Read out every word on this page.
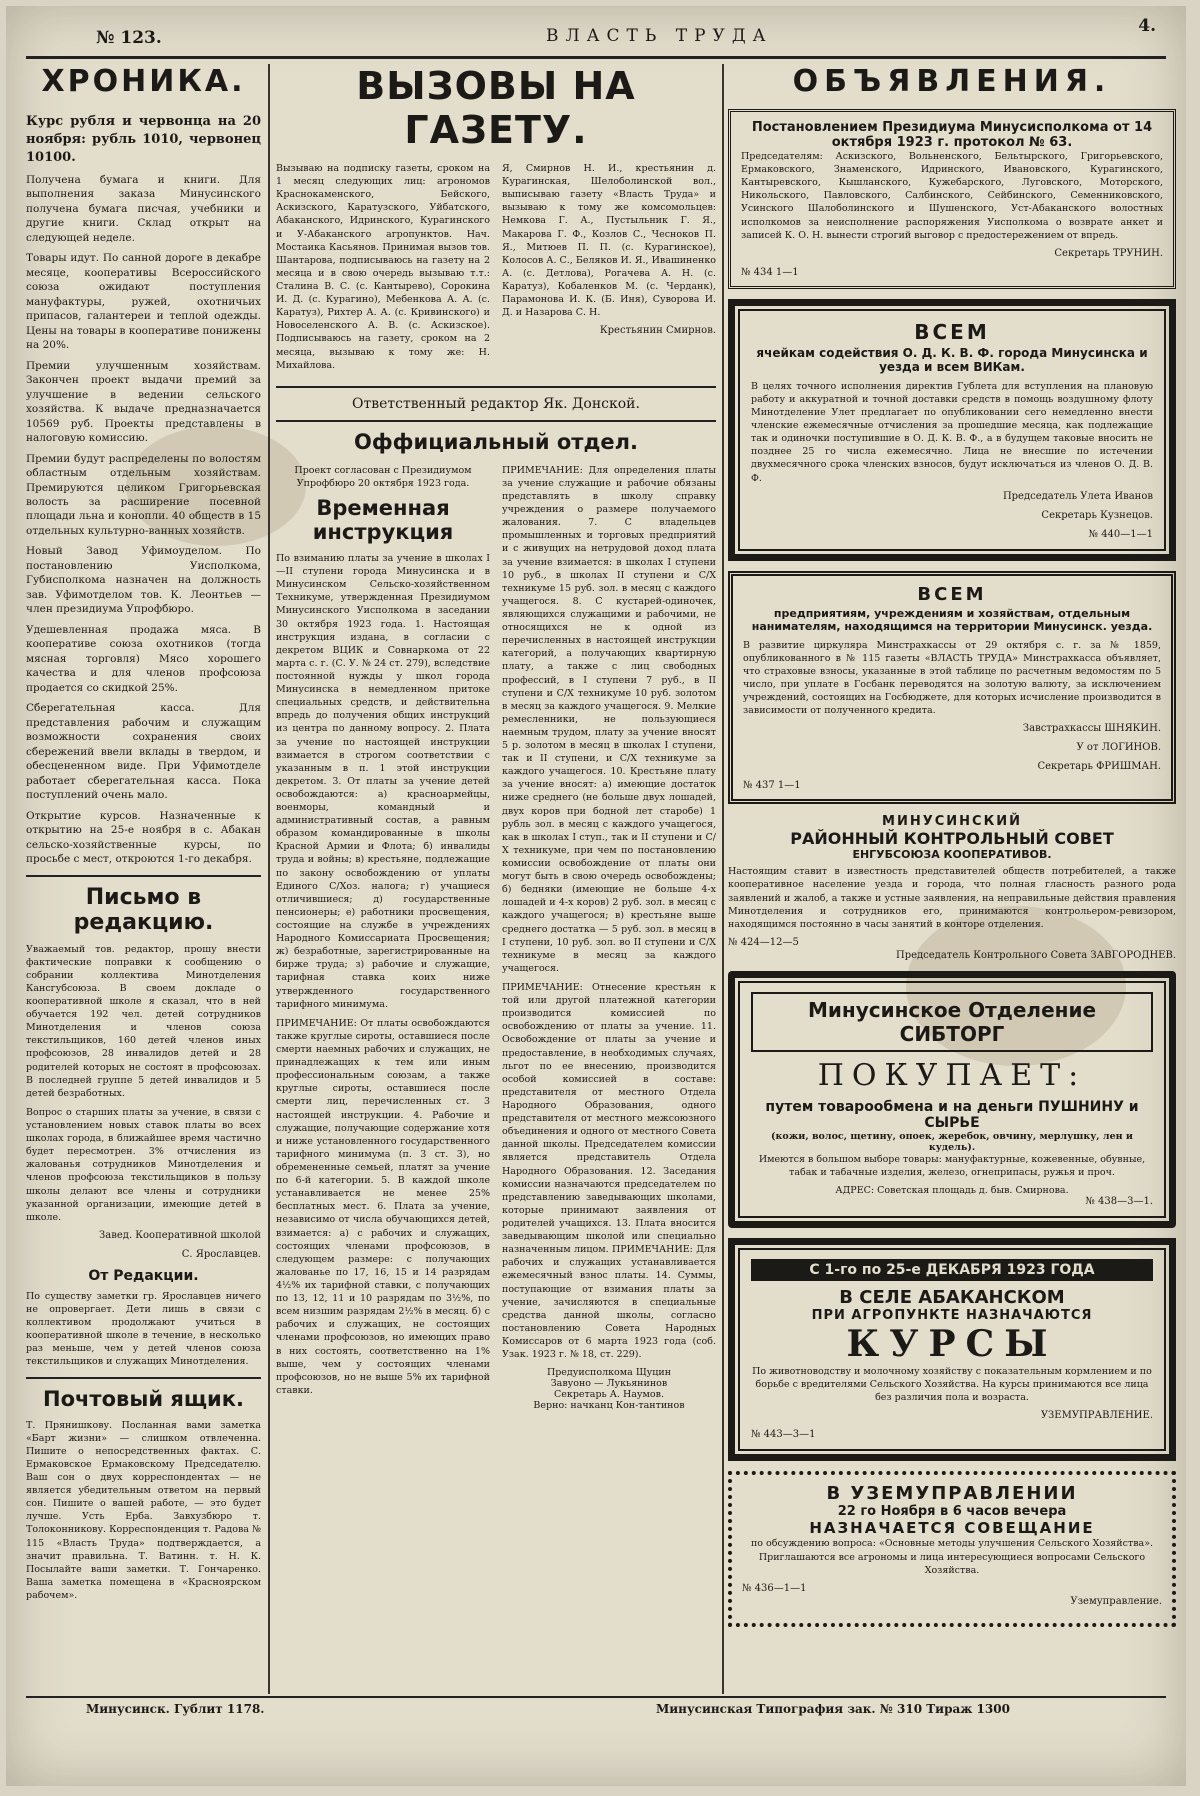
№ 123.	ВЛАСТЬ ТРУДА	4.
ХРОНИКА.

Курс рубля и червонца на 20 ноября: рубль 1010, червонец 10100.

Получена бумага и книги. Для выполнения заказа Минусинского получена бумага писчая, учебники и другие книги. Склад открыт на следующей неделе.

Товары идут. По санной дороге в декабре месяце, кооперативы Всероссийского союза ожидают поступления мануфактуры, ружей, охотничьих припасов, галантереи и теплой одежды. Цены на товары в кооперативе понижены на 20%.

Премии улучшенным хозяйствам. Закончен проект выдачи премий за улучшение в ведении сельского хозяйства. К выдаче предназначается 10569 руб. Проекты представлены в налоговую комиссию.

Премии будут распределены по волостям областным отдельным хозяйствам. Премируются целиком Григорьевская волость за расширение посевной площади льна и конопли. 40 обществ в 15 отдельных культурно-ванных хозяйств.

Новый Завод Уфимоуделом. По постановлению Уисполкома, Губисполкома назначен на должность зав. Уфимотделом тов. К. Леонтьев — член президиума Упрофбюро.

Удешевленная продажа мяса. В кооперативе союза охотников (тогда мясная торговля) Мясо хорошего качества и для членов профсоюза продается со скидкой 25%.

Сберегательная касса. Для представления рабочим и служащим возможности сохранения своих сбережений ввели вклады в твердом, и обесцененном виде. При Уфимотделе работает сберегательная касса. Пока поступлений очень мало.

Открытие курсов. Назначенные к открытию на 25-е ноября в с. Абакан сельско-хозяйственные курсы, по просьбе с мест, откроются 1-го декабря.

Письмо в редакцию.

Уважаемый тов. редактор, прошу внести фактические поправки к сообщению о собрании коллектива Минотделения Кансгубсоюза. В своем докладе о кооперативной школе я сказал, что в ней обучается 192 чел. детей сотрудников Минотделения и членов союза текстильщиков, 160 детей членов иных профсоюзов, 28 инвалидов детей и 28 родителей которых не состоят в профсоюзах. В последней группе 5 детей инвалидов и 5 детей безработных.

Вопрос о старших платы за учение, в связи с установлением новых ставок платы во всех школах города, в ближайшее время частично будет пересмотрен. 3% отчисления из жалованья сотрудников Минотделения и членов профсоюза текстильщиков в пользу школы делают все члены и сотрудники указанной организации, имеющие детей в школе.

Завед. Кооперативной школой
С. Ярославцев.
От Редакции.

По существу заметки гр. Ярославцев ничего не опровергает. Дети лишь в связи с коллективом продолжают учиться в кооперативной школе в течение, в несколько раз меньше, чем у детей членов союза текстильщиков и служащих Минотделения.

Почтовый ящик.

Т. Прянишкову. Посланная вами заметка «Барт жизни» — слишком отвлеченна. Пишите о непосредственных фактах. С. Ермаковское Ермаковскому Председателю. Ваш сон о двух корреспондентах — не является убедительным ответом на первый сон. Пишите о вашей работе, — это будет лучше. Усть Ерба. Завхузбюро т. Толоконникову. Корреспонденция т. Радова № 115 «Власть Труда» подтверждается, а значит правильна. Т. Ватинн. т. Н. К. Посылайте ваши заметки. Т. Гончаренко. Ваша заметка помещена в «Красноярском рабочем».

ВЫЗОВЫ НА ГАЗЕТУ.

Вызываю на подписку газеты, сроком на 1 месяц следующих лиц: агрономов Краснокаменского, Бейского, Аскизского, Каратузского, Уйбатского, Абаканского, Идринского, Курагинского и У-Абаканского агропунктов. Нач. Мостаика Касьянов. Принимая вызов тов. Шантарова, подписываюсь на газету на 2 месяца и в свою очередь вызываю т.т.: Сталина В. С. (с. Кантырево), Сорокина И. Д. (с. Курагино), Мебенкова А. А. (с. Каратуз), Рихтер А. А. (с. Кривинского) и Новоселенского А. В. (с. Аскизское). Подписываюсь на газету, сроком на 2 месяца, вызываю к тому же: Н. Михайлова.

Я, Смирнов Н. И., крестьянин д. Курагинская, Шелоболинской вол., выписываю газету «Власть Труда» и вызываю к тому же комсомольцев: Немкова Г. А., Пустыльник Г. Я., Макарова Г. Ф., Козлов С., Чесноков П. Я., Митюев П. П. (с. Курагинское), Колосов А. С., Беляков И. Я., Ивашиненко А. (с. Детлова), Рогачева А. Н. (с. Каратуз), Кобаленков М. (с. Черданк), Парамонова И. К. (Б. Иня), Суворова И. Д. и Назарова С. Н.

Крестьянин Смирнов.
Ответственный редактор Як. Донской.
Оффициальный отдел.

Проект согласован с Президиумом Упрофбюро 20 октября 1923 года.

Временная инструкция

По взиманию платы за учение в школах I—II ступени города Минусинска и в Минусинском Сельско-хозяйственном Техникуме, утвержденная Президиумом Минусинского Уисполкома в заседании 30 октября 1923 года. 1. Настоящая инструкция издана, в согласии с декретом ВЦИК и Совнаркома от 22 марта с. г. (С. У. № 24 ст. 279), вследствие постоянной нужды у школ города Минусинска в немедленном притоке специальных средств, и действительна впредь до получения общих инструкций из центра по данному вопросу. 2. Плата за учение по настоящей инструкции взимается в строгом соответствии с указанным в п. 1 этой инструкции декретом. 3. От платы за учение детей освобождаются: а) красноармейцы, военморы, командный и административный состав, а равным образом командированные в школы Красной Армии и Флота; б) инвалиды труда и войны; в) крестьяне, подлежащие по закону освобождению от уплаты Единого С/Хоз. налога; г) учащиеся отличившиеся; д) государственные пенсионеры; е) работники просвещения, состоящие на службе в учреждениях Народного Комиссариата Просвещения; ж) безработные, зарегистрированные на бирже труда; з) рабочие и служащие, тарифная ставка коих ниже утвержденного государственного тарифного минимума.

ПРИМЕЧАНИЕ: От платы освобождаются также круглые сироты, оставшиеся после смерти наемных рабочих и служащих, не принадлежащих к тем или иным профессиональным союзам, а также круглые сироты, оставшиеся после смерти лиц, перечисленных ст. 3 настоящей инструкции. 4. Рабочие и служащие, получающие содержание хотя и ниже установленного государственного тарифного минимума (п. 3 ст. 3), но обремененные семьей, платят за учение по 6-й категории. 5. В каждой школе устанавливается не менее 25% бесплатных мест. 6. Плата за учение, независимо от числа обучающихся детей, взимается: а) с рабочих и служащих, состоящих членами профсоюзов, в следующем размере: с получающих жалованье по 17, 16, 15 и 14 разрядам 4½% их тарифной ставки, с получающих по 13, 12, 11 и 10 разрядам по 3½%, по всем низшим разрядам 2½% в месяц. б) с рабочих и служащих, не состоящих членами профсоюзов, но имеющих право в них состоять, соответственно на 1% выше, чем у состоящих членами профсоюзов, но не выше 5% их тарифной ставки.

ПРИМЕЧАНИЕ: Для определения платы за учение служащие и рабочие обязаны представлять в школу справку учреждения о размере получаемого жалования. 7. С владельцев промышленных и торговых предприятий и с живущих на нетрудовой доход плата за учение взимается: в школах I ступени 10 руб., в школах II ступени и С/Х техникуме 15 руб. зол. в месяц с каждого учащегося. 8. С кустарей-одиночек, являющихся служащими и рабочими, не относящихся не к одной из перечисленных в настоящей инструкции категорий, а получающих квартирную плату, а также с лиц свободных профессий, в I ступени 7 руб., в II ступени и С/Х техникуме 10 руб. золотом в месяц за каждого учащегося. 9. Мелкие ремесленники, не пользующиеся наемным трудом, плату за учение вносят 5 р. золотом в месяц в школах I ступени, так и II ступени, и С/Х техникуме за каждого учащегося. 10. Крестьяне плату за учение вносят: а) имеющие достаток ниже среднего (не больше двух лошадей, двух коров при бодной лет старобе) 1 рубль зол. в месяц с каждого учащегося, как в школах I ступ., так и II ступени и С/Х техникуме, при чем по постановлению комиссии освобождение от платы они могут быть в свою очередь освобождены; б) бедняки (имеющие не больше 4-х лошадей и 4-х коров) 2 руб. зол. в месяц с каждого учащегося; в) крестьяне выше среднего достатка — 5 руб. зол. в месяц в I ступени, 10 руб. зол. во II ступени и С/Х техникуме в месяц за каждого учащегося.

ПРИМЕЧАНИЕ: Отнесение крестьян к той или другой платежной категории производится комиссией по освобождению от платы за учение. 11. Освобождение от платы за учение и предоставление, в необходимых случаях, льгот по ее внесению, производится особой комиссией в составе: представителя от местного Отдела Народного Образования, одного представителя от местного межсоюзного объединения и одного от местного Совета данной школы. Председателем комиссии является представитель Отдела Народного Образования. 12. Заседания комиссии назначаются председателем по представлению заведывающих школами, которые принимают заявления от родителей учащихся. 13. Плата вносится заведывающим школой или специально назначенным лицом. ПРИМЕЧАНИЕ: Для рабочих и служащих устанавливается ежемесячный взнос платы. 14. Суммы, поступающие от взимания платы за учение, зачисляются в специальные средства данной школы, согласно постановлению Совета Народных Комиссаров от 6 марта 1923 года (соб. Узак. 1923 г. № 18, ст. 229).

Предуисполкома Щуцин
Завуоно — Лукьянинов
Секретарь А. Наумов.
Верно: начканц Кон-тантинов
ОБЪЯВЛЕНИЯ.
Постановлением Президиума Минусисполкома от 14 октября 1923 г. протокол № 63.

Председателям: Аскизского, Вольненского, Бельтырского, Григорьевского, Ермаковского, Знаменского, Идринского, Ивановского, Курагинского, Кантыревского, Кышланского, Кужебарского, Луговского, Моторского, Никольского, Павловского, Салбинского, Сейбинского, Семенниковского, Усинского Шалоболинского и Шушенского, Уст-Абаканского волостных исполкомов за неисполнение распоряжения Уисполкома о возврате анкет и записей К. О. Н. вынести строгий выговор с предостережением от впредь.

Секретарь ТРУНИН.
№ 434 1—1
ВСЕМ
ячейкам содействия О. Д. К. В. Ф. города Минусинска и уезда и всем ВИКам.

В целях точного исполнения директив Гублета для вступления на плановую работу и аккуратной и точной доставки средств в помощь воздушному флоту Минотделение Улет предлагает по опубликовании сего немедленно внести членские ежемесячные отчисления за прошедшие месяца, как подлежащие так и одиночки поступившие в О. Д. К. В. Ф., а в будущем таковые вносить не позднее 25 го числа ежемесячно. Лица не внесшие по истечении двухмесячного срока членских взносов, будут исключаться из членов О. Д. В. Ф.

Председатель Улета Иванов
Секретарь Кузнецов.
№ 440—1—1
ВСЕМ
предприятиям, учреждениям и хозяйствам, отдельным нанимателям, находящимся на территории Минусинск. уезда.

В развитие циркуляра Минстрахкассы от 29 октября с. г. за № 1859, опубликованного в № 115 газеты «ВЛАСТЬ ТРУДА» Минстрахкасса объявляет, что страховые взносы, указанные в этой таблице по расчетным ведомостям по 5 число, при уплате в Госбанк переводятся на золотую валюту, за исключением учреждений, состоящих на Госбюджете, для которых исчисление производится в зависимости от полученного кредита.

Завстрахкассы ШНЯКИН.
У от ЛОГИНОВ.
Секретарь ФРИШМАН.
№ 437 1—1
МИНУСИНСКИЙ
РАЙОННЫЙ КОНТРОЛЬНЫЙ СОВЕТ
ЕНГУБСОЮЗА КООПЕРАТИВОВ.

Настоящим ставит в известность представителей обществ потребителей, а также кооперативное население уезда и города, что полная гласность разного рода заявлений и жалоб, а также и устные заявления, на неправильные действия правления Минотделения и сотрудников его, принимаются контрольером-ревизором, находящимся постоянно в часы занятий в конторе отделения.

№ 424—12—5
Председатель Контрольного Совета ЗАВГОРОДНЕВ.
Минусинское Отделение СИБТОРГ
ПОКУПАЕТ:
путем товарообмена и на деньги ПУШНИНУ и СЫРЬЕ
(кожи, волос, щетину, опоек, жеребок, овчину, мерлушку, лен и кудель).

Имеются в большом выборе товары: мануфактурные, кожевенные, обувные, табак и табачные изделия, железо, огнеприпасы, ружья и проч.

АДРЕС: Советская площадь д. быв. Смирнова.
№ 438—3—1.
С 1-го по 25-е ДЕКАБРЯ 1923 ГОДА
В СЕЛЕ АБАКАНСКОМ
ПРИ АГРОПУНКТЕ НАЗНАЧАЮТСЯ
КУРСЫ

По животноводству и молочному хозяйству с показательным кормлением и по борьбе с вредителями Сельского Хозяйства. На курсы принимаются все лица без различия пола и возраста.

УЗЕМУПРАВЛЕНИЕ.
№ 443—3—1
В УЗЕМУПРАВЛЕНИИ
22 го Ноября в 6 часов вечера
НАЗНАЧАЕТСЯ СОВЕЩАНИЕ

по обсуждению вопроса: «Основные методы улучшения Сельского Хозяйства». Приглашаются все агрономы и лица интересующиеся вопросами Сельского Хозяйства.

№ 436—1—1
Уземуправление.
Минусинск. Гублит 1178.	Минусинская Типография зак. № 310 Тираж 1300
